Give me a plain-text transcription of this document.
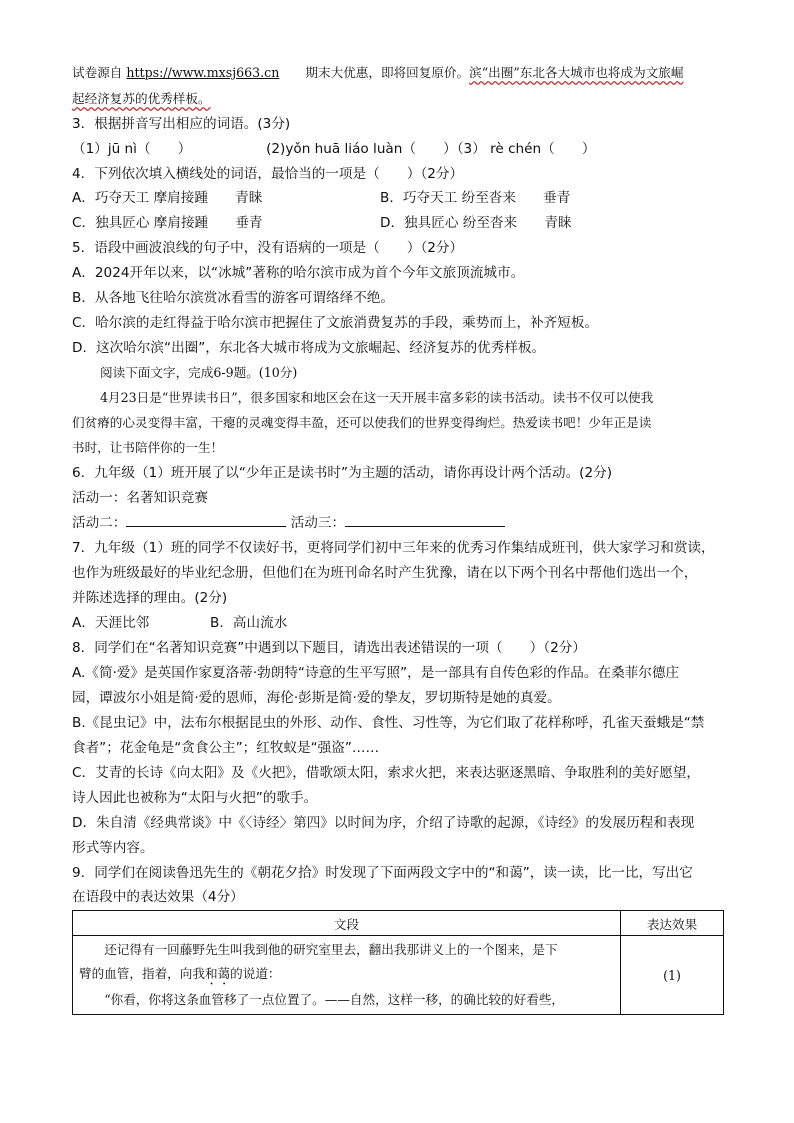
试卷源自 https://www.mxsj663.cn 期末大优惠，即将回复原价。滨“出圈”东北各大城市也将成为文旅崛
起经济复苏的优秀样板。
3．根据拼音写出相应的词语。(3分)
（1）jū nì（　　）　　　　　　(2)yǒn huā liáo luàn（　　）（3） rè chén（　　）
4．下列依次填入横线处的词语，最恰当的一项是（　　）（2分）
A．巧夺天工 摩肩接踵　　青睐	B．巧夺天工 纷至沓来　　垂青
C．独具匠心 摩肩接踵　　垂青	D．独具匠心 纷至沓来　　青睐
5．语段中画波浪线的句子中，没有语病的一项是（　　）（2分）
A．2024开年以来，以“冰城”著称的哈尔滨市成为首个今年文旅顶流城市。
B．从各地飞往哈尔滨赏冰看雪的游客可谓络绎不绝。
C．哈尔滨的走红得益于哈尔滨市把握住了文旅消费复苏的手段，乘势而上，补齐短板。
D．这次哈尔滨“出圈”，东北各大城市将成为文旅崛起、经济复苏的优秀样板。
阅读下面文字，完成6-9题。(10分)
4月23日是“世界读书日”，很多国家和地区会在这一天开展丰富多彩的读书活动。读书不仅可以使我
们贫瘠的心灵变得丰富，干瘪的灵魂变得丰盈，还可以使我们的世界变得绚烂。热爱读书吧！少年正是读
书时，让书陪伴你的一生！
6．九年级（1）班开展了以“少年正是读书时”为主题的活动，请你再设计两个活动。(2分)
活动一：名著知识竞赛
活动二：	活动三：
7．九年级（1）班的同学不仅读好书，更将同学们初中三年来的优秀习作集结成班刊，供大家学习和赏读，
也作为班级最好的毕业纪念册，但他们在为班刊命名时产生犹豫，请在以下两个刊名中帮他们选出一个，
并陈述选择的理由。(2分)
A．天涯比邻	B．高山流水
8．同学们在“名著知识竞赛”中遇到以下题目，请选出表述错误的一项（　　）（2分）
A.《简·爱》是英国作家夏洛蒂·勃朗特“诗意的生平写照”，是一部具有自传色彩的作品。在桑菲尔德庄
园，谭波尔小姐是简·爱的恩师，海伦·彭斯是简·爱的挚友，罗切斯特是她的真爱。
B.《昆虫记》中，法布尔根据昆虫的外形、动作、食性、习性等，为它们取了花样称呼，孔雀天蚕蛾是“禁
食者”；花金龟是“贪食公主”；红牧蚁是“强盗”……
C．艾青的长诗《向太阳》及《火把》，借歌颂太阳，索求火把，来表达驱逐黑暗、争取胜利的美好愿望，
诗人因此也被称为“太阳与火把”的歌手。
D．朱自清《经典常谈》中《〈诗经〉第四》以时间为序，介绍了诗歌的起源，《诗经》的发展历程和表现
形式等内容。
9．同学们在阅读鲁迅先生的《朝花夕拾》时发现了下面两段文字中的“和蔼”，读一读，比一比，写出它
在语段中的表达效果（4分）
文段	表达效果

还记得有一回藤野先生叫我到他的研究室里去，翻出我那讲义上的一个图来，是下
臂的血管，指着，向我和蔼的说道：
“你看，你将这条血管移了一点位置了。——自然，这样一移，的确比较的好看些，	(1)
